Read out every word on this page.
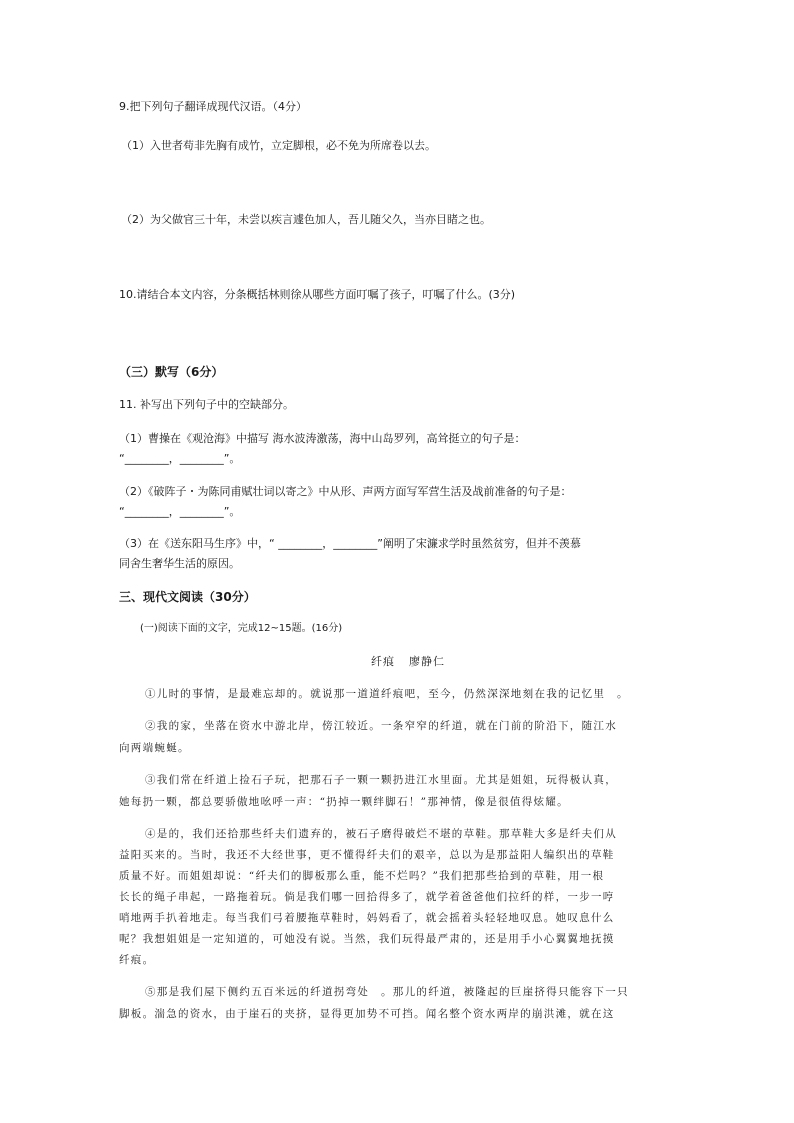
9.把下列句子翻译成现代汉语。（4分）
（1）入世者苟非先胸有成竹，立定脚根，必不免为所席卷以去。
（2）为父做官三十年，未尝以疾言遽色加人，吾儿随父久，当亦目睹之也。
10.请结合本文内容，分条概括林则徐从哪些方面叮嘱了孩子，叮嘱了什么。(3分)
（三）默写（6分）
11. 补写出下列句子中的空缺部分。
（1）曹操在《观沧海》中描写 海水波涛激荡，海中山岛罗列，高耸挺立的句子是：
“________，________”。
（2）《破阵子・为陈同甫赋壮词以寄之》中从形、声两方面写军营生活及战前准备的句子是：
“________，________”。
（3）在《送东阳马生序》中，“ ________，________”阐明了宋濂求学时虽然贫穷，但并不羡慕
同舍生奢华生活的原因。
三、现代文阅读（30分）
(一)阅读下面的文字，完成12~15题。(16分)
纤痕 廖静仁
①儿时的事情，是最难忘却的。就说那一道道纤痕吧，至今，仍然深深地刻在我的记忆里　。
②我的家，坐落在资水中游北岸，傍江较近。一条窄窄的纤道，就在门前的阶沿下，随江水
向两端蜿蜒。
③我们常在纤道上捡石子玩，把那石子一颗一颗扔进江水里面。尤其是姐姐，玩得极认真，
她每扔一颗，都总要骄傲地吆呼一声：“扔掉一颗绊脚石！”那神情，像是很值得炫耀。
④是的，我们还拾那些纤夫们遗弃的，被石子磨得破烂不堪的草鞋。那草鞋大多是纤夫们从
益阳买来的。当时，我还不大经世事，更不懂得纤夫们的艰辛，总以为是那益阳人编织出的草鞋
质量不好。而姐姐却说：“纤夫们的脚板那么重，能不烂吗？”我们把那些拾到的草鞋，用一根
长长的绳子串起，一路拖着玩。倘是我们哪一回拾得多了，就学着爸爸他们拉纤的样，一步一哼
哨地两手扒着地走。每当我们弓着腰拖草鞋时，妈妈看了，就会摇着头轻轻地叹息。她叹息什么
呢？我想姐姐是一定知道的，可她没有说。当然，我们玩得最严肃的，还是用手小心翼翼地抚摸
纤痕。
⑤那是我们屋下侧约五百米远的纤道拐弯处　。那儿的纤道，被隆起的巨崖挤得只能容下一只
脚板。湍急的资水，由于崖石的夹挤，显得更加势不可挡。闻名整个资水两岸的崩洪滩，就在这
